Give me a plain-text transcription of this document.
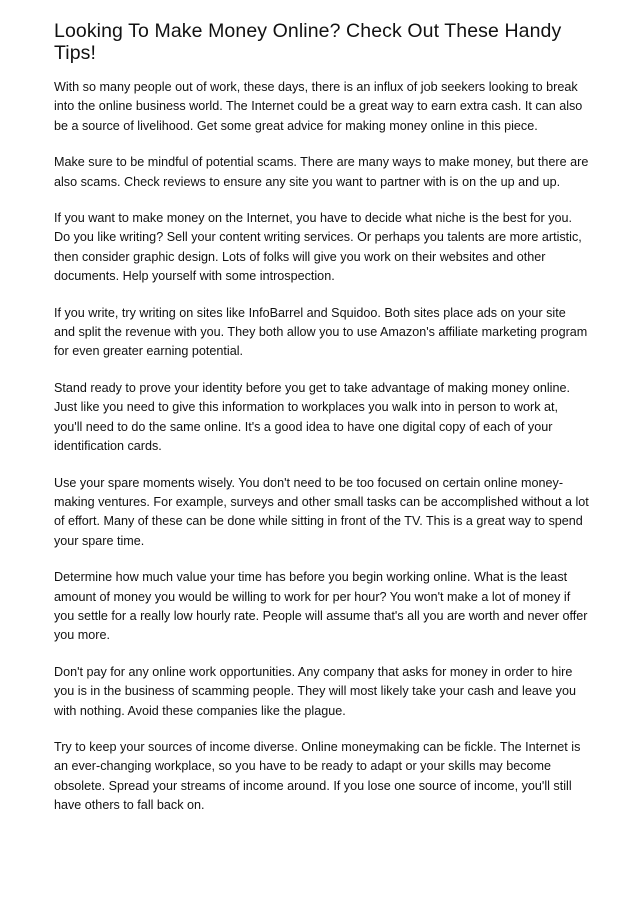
Looking To Make Money Online? Check Out These Handy Tips!

With so many people out of work, these days, there is an influx of job seekers looking to break into the online business world. The Internet could be a great way to earn extra cash. It can also be a source of livelihood. Get some great advice for making money online in this piece.

Make sure to be mindful of potential scams. There are many ways to make money, but there are also scams. Check reviews to ensure any site you want to partner with is on the up and up.

If you want to make money on the Internet, you have to decide what niche is the best for you. Do you like writing? Sell your content writing services. Or perhaps you talents are more artistic, then consider graphic design. Lots of folks will give you work on their websites and other documents. Help yourself with some introspection.

If you write, try writing on sites like InfoBarrel and Squidoo. Both sites place ads on your site and split the revenue with you. They both allow you to use Amazon's affiliate marketing program for even greater earning potential.

Stand ready to prove your identity before you get to take advantage of making money online. Just like you need to give this information to workplaces you walk into in person to work at, you'll need to do the same online. It's a good idea to have one digital copy of each of your identification cards.

Use your spare moments wisely. You don't need to be too focused on certain online money-making ventures. For example, surveys and other small tasks can be accomplished without a lot of effort. Many of these can be done while sitting in front of the TV. This is a great way to spend your spare time.

Determine how much value your time has before you begin working online. What is the least amount of money you would be willing to work for per hour? You won't make a lot of money if you settle for a really low hourly rate. People will assume that's all you are worth and never offer you more.

Don't pay for any online work opportunities. Any company that asks for money in order to hire you is in the business of scamming people. They will most likely take your cash and leave you with nothing. Avoid these companies like the plague.

Try to keep your sources of income diverse. Online moneymaking can be fickle. The Internet is an ever-changing workplace, so you have to be ready to adapt or your skills may become obsolete. Spread your streams of income around. If you lose one source of income, you'll still have others to fall back on.
